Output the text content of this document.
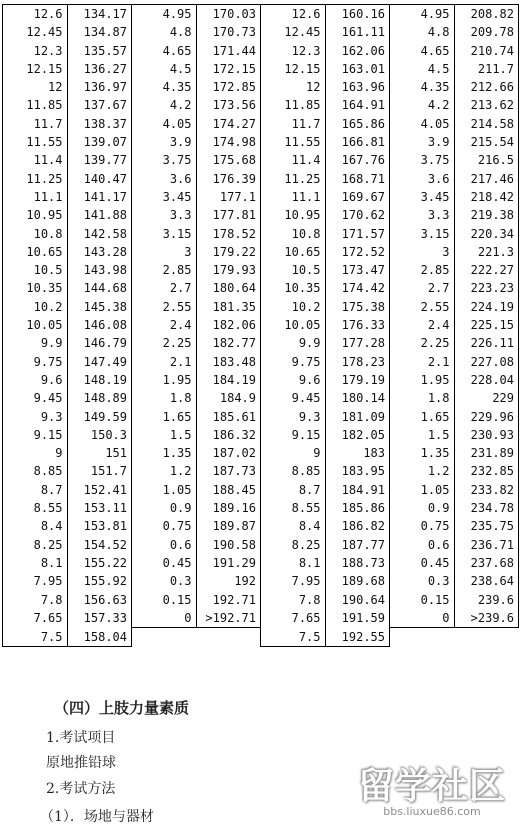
12.6	134.17	4.95	170.03	12.6	160.16	4.95	208.82
12.45	134.87	4.8	170.73	12.45	161.11	4.8	209.78
12.3	135.57	4.65	171.44	12.3	162.06	4.65	210.74
12.15	136.27	4.5	172.15	12.15	163.01	4.5	211.7
12	136.97	4.35	172.85	12	163.96	4.35	212.66
11.85	137.67	4.2	173.56	11.85	164.91	4.2	213.62
11.7	138.37	4.05	174.27	11.7	165.86	4.05	214.58
11.55	139.07	3.9	174.98	11.55	166.81	3.9	215.54
11.4	139.77	3.75	175.68	11.4	167.76	3.75	216.5
11.25	140.47	3.6	176.39	11.25	168.71	3.6	217.46
11.1	141.17	3.45	177.1	11.1	169.67	3.45	218.42
10.95	141.88	3.3	177.81	10.95	170.62	3.3	219.38
10.8	142.58	3.15	178.52	10.8	171.57	3.15	220.34
10.65	143.28	3	179.22	10.65	172.52	3	221.3
10.5	143.98	2.85	179.93	10.5	173.47	2.85	222.27
10.35	144.68	2.7	180.64	10.35	174.42	2.7	223.23
10.2	145.38	2.55	181.35	10.2	175.38	2.55	224.19
10.05	146.08	2.4	182.06	10.05	176.33	2.4	225.15
9.9	146.79	2.25	182.77	9.9	177.28	2.25	226.11
9.75	147.49	2.1	183.48	9.75	178.23	2.1	227.08
9.6	148.19	1.95	184.19	9.6	179.19	1.95	228.04
9.45	148.89	1.8	184.9	9.45	180.14	1.8	229
9.3	149.59	1.65	185.61	9.3	181.09	1.65	229.96
9.15	150.3	1.5	186.32	9.15	182.05	1.5	230.93
9	151	1.35	187.02	9	183	1.35	231.89
8.85	151.7	1.2	187.73	8.85	183.95	1.2	232.85
8.7	152.41	1.05	188.45	8.7	184.91	1.05	233.82
8.55	153.11	0.9	189.16	8.55	185.86	0.9	234.78
8.4	153.81	0.75	189.87	8.4	186.82	0.75	235.75
8.25	154.52	0.6	190.58	8.25	187.77	0.6	236.71
8.1	155.22	0.45	191.29	8.1	188.73	0.45	237.68
7.95	155.92	0.3	192	7.95	189.68	0.3	238.64
7.8	156.63	0.15	192.71	7.8	190.64	0.15	239.6
7.65	157.33	0	>192.71	7.65	191.59	0	>239.6
7.5	158.04			7.5	192.55		
（四）上肢力量素质
1.考试项目
原地推铅球
2.考试方法
（1）．场地与器材
留学社区
bbs.liuxue86.com
